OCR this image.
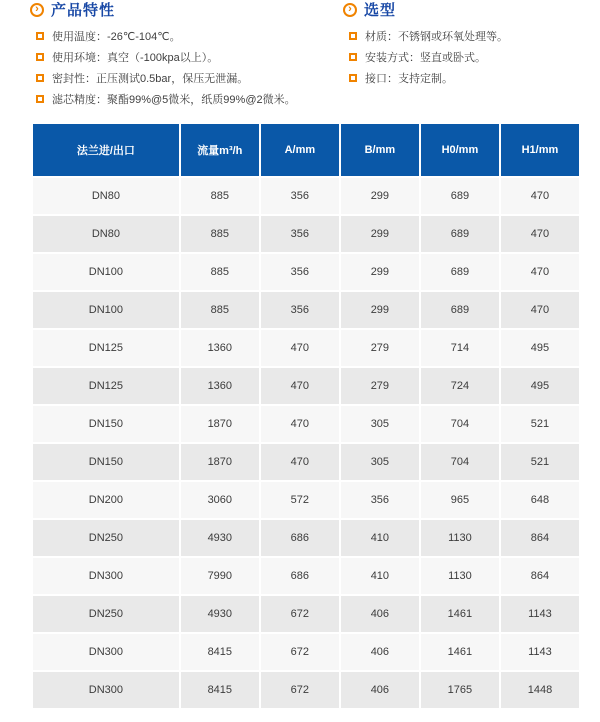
›
产品特性
使用温度：-26℃-104℃。
使用环境：真空（-100kpa以上）。
密封性：正压测试0.5bar，保压无泄漏。
滤芯精度：聚酯99%@5微米，纸质99%@2微米。
›
选型
材质：不锈钢或环氧处理等。
安装方式：竖直或卧式。
接口：支持定制。
法兰进/出口	流量m³/h	A/mm	B/mm	H0/mm	H1/mm
DN80	885	356	299	689	470
DN80	885	356	299	689	470
DN100	885	356	299	689	470
DN100	885	356	299	689	470
DN125	1360	470	279	714	495
DN125	1360	470	279	724	495
DN150	1870	470	305	704	521
DN150	1870	470	305	704	521
DN200	3060	572	356	965	648
DN250	4930	686	410	1130	864
DN300	7990	686	410	1130	864
DN250	4930	672	406	1461	1143
DN300	8415	672	406	1461	1143
DN300	8415	672	406	1765	1448
